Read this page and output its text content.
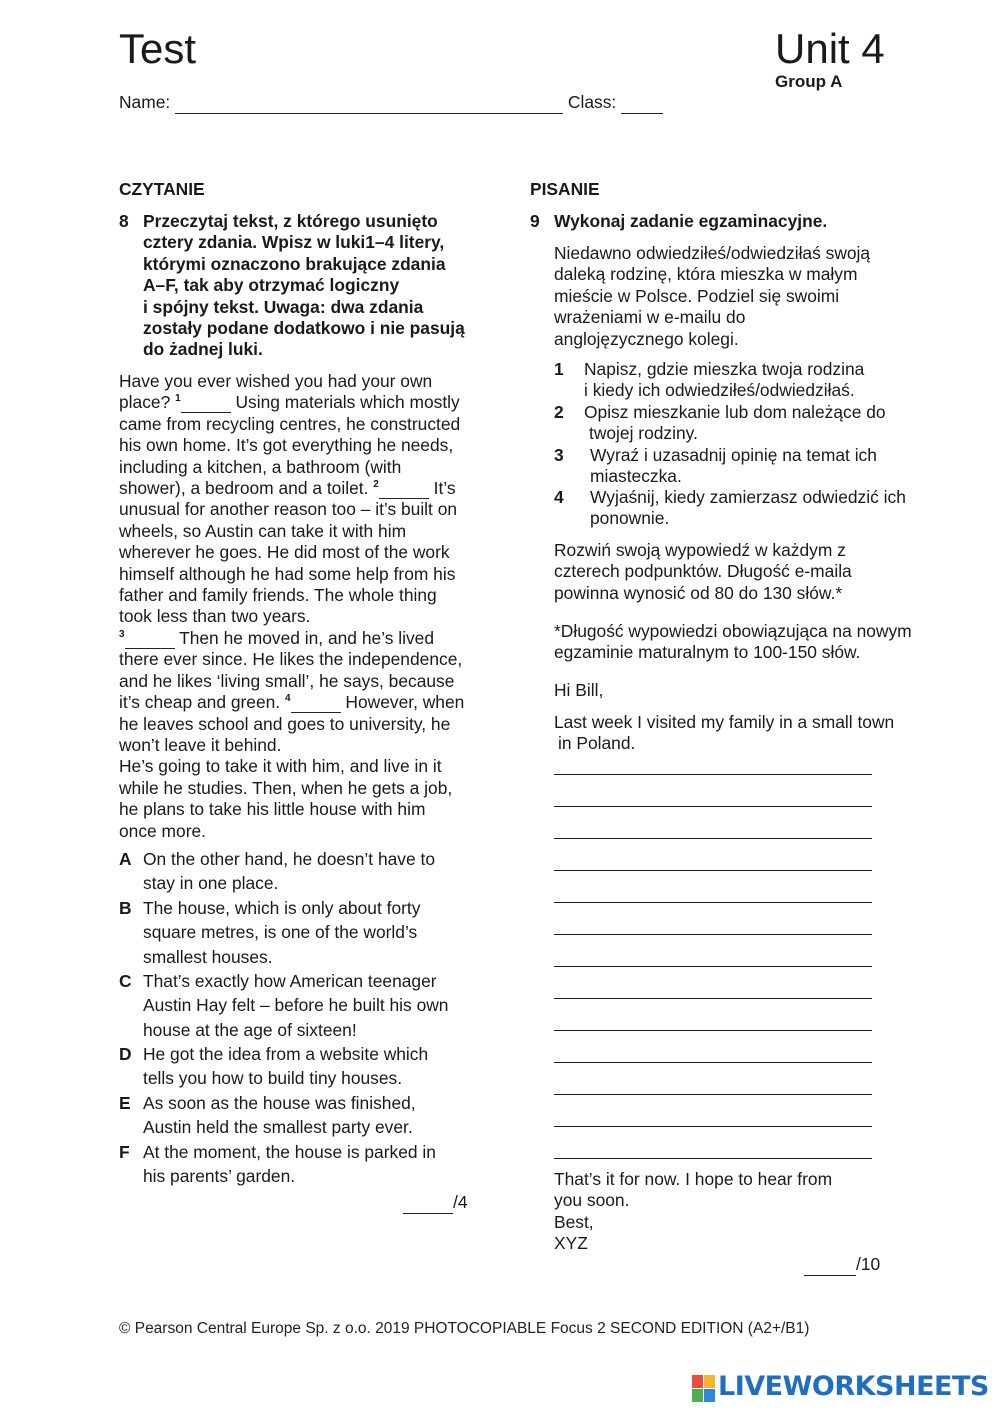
Test	Unit 4
Group A
Name:	Class:
CZYTANIE
8 Przeczytaj tekst, z którego usunięto
cztery zdania. Wpisz w luki1–4 litery,
którymi oznaczono brakujące zdania
A–F, tak aby otrzymać logiczny
i spójny tekst. Uwaga: dwa zdania
zostały podane dodatkowo i nie pasują
do żadnej luki.
Have you ever wished you had your own
place? $^1$	Using materials which mostly
came from recycling centres, he constructed
his own home. It’s got everything he needs,
including a kitchen, a bathroom (with
shower), a bedroom and a toilet. $^2$	It’s
unusual for another reason too – it’s built on
wheels, so Austin can take it with him
wherever he goes. He did most of the work
himself although he had some help from his
father and family friends. The whole thing
took less than two years.
$^3$	Then he moved in, and he’s lived
there ever since. He likes the independence,
and he likes ‘living small’, he says, because
it’s cheap and green. $^4$	However, when
he leaves school and goes to university, he
won’t leave it behind.
He’s going to take it with him, and live in it
while he studies. Then, when he gets a job,
he plans to take his little house with him
once more.
A On the other hand, he doesn’t have to
stay in one place.
B The house, which is only about forty
square metres, is one of the world’s
smallest houses.
C That’s exactly how American teenager
Austin Hay felt – before he built his own
house at the age of sixteen!
D He got the idea from a website which
tells you how to build tiny houses.
E As soon as the house was finished,
Austin held the smallest party ever.
F At the moment, the house is parked in
his parents’ garden.
/4
PISANIE
9 Wykonaj zadanie egzaminacyjne.
Niedawno odwiedziłeś/odwiedziłaś swoją
daleką rodzinę, która mieszka w małym
mieście w Polsce. Podziel się swoimi
wrażeniami w e-mailu do
anglojęzycznego kolegi.
1 Napisz, gdzie mieszka twoja rodzina
i kiedy ich odwiedziłeś/odwiedziłaś.
2 Opisz mieszkanie lub dom należące do
twojej rodziny.
3 Wyraź i uzasadnij opinię na temat ich
miasteczka.
4 Wyjaśnij, kiedy zamierzasz odwiedzić ich
ponownie.
Rozwiń swoją wypowiedź w każdym z
czterech podpunktów. Długość e-maila
powinna wynosić od 80 do 130 słów.*
*Długość wypowiedzi obowiązująca na nowym
egzaminie maturalnym to 100-150 słów.
Hi Bill,
Last week I visited my family in a small town
in Poland.
That’s it for now. I hope to hear from
you soon.
Best,
XYZ
/10
© Pearson Central Europe Sp. z o.o. 2019 PHOTOCOPIABLE Focus 2 SECOND EDITION (A2+/B1)
LIVEWORKSHEETS
